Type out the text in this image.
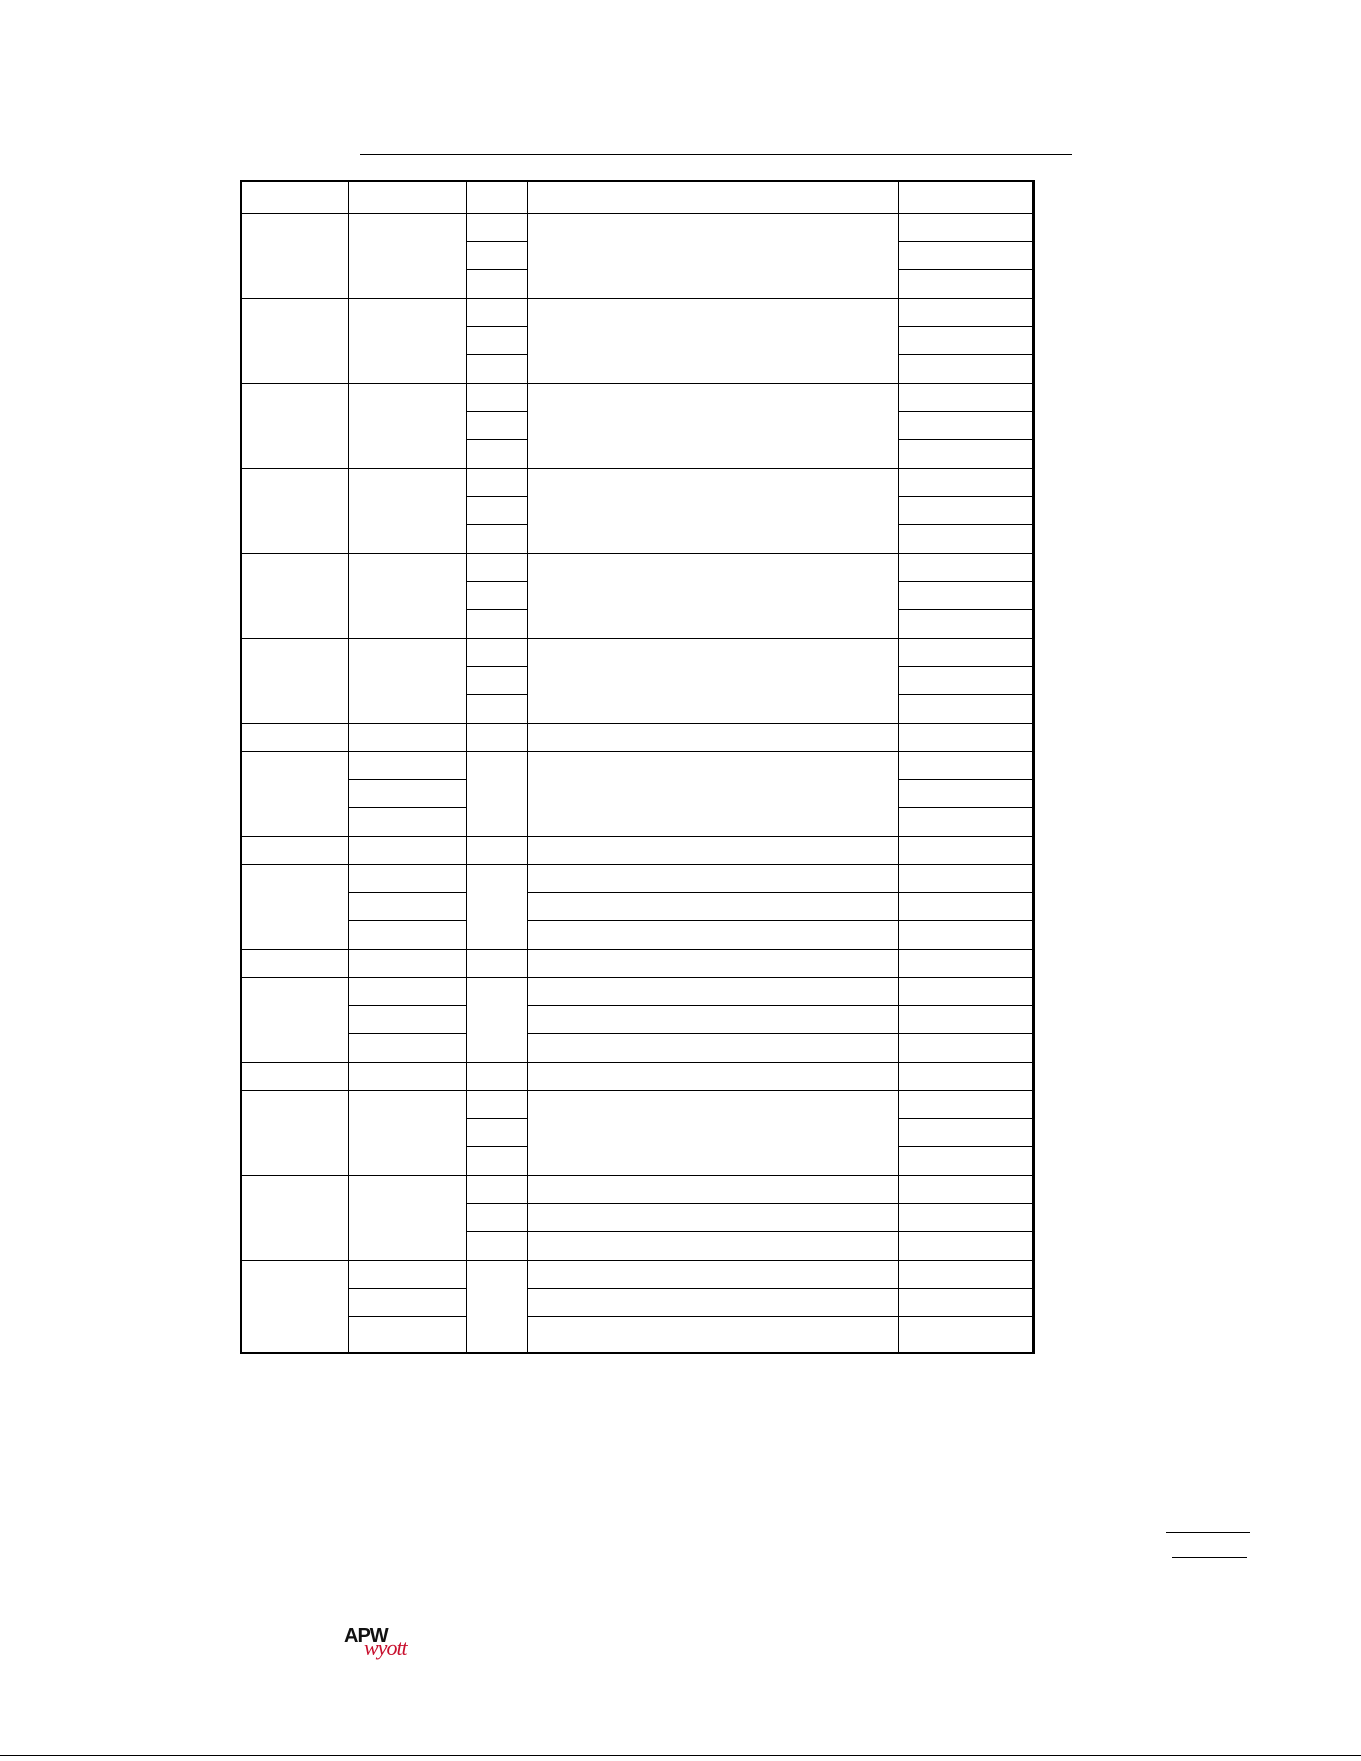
APW
wyott
